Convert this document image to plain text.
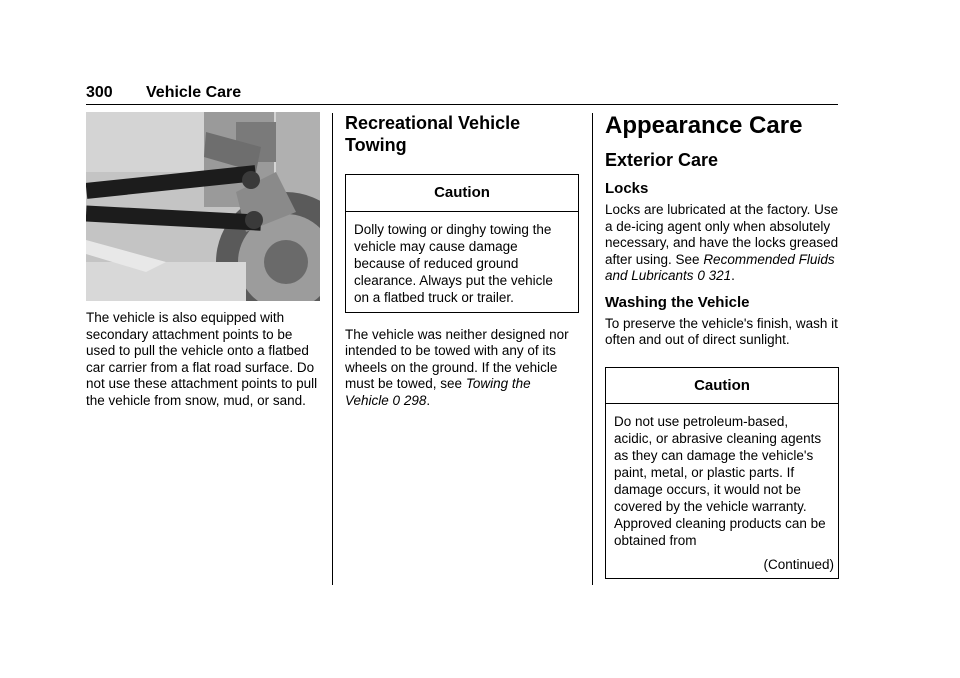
300 Vehicle Care

The vehicle is also equipped with secondary attachment points to be used to pull the vehicle onto a flatbed car carrier from a flat road surface. Do not use these attachment points to pull the vehicle from snow, mud, or sand.

Recreational Vehicle Towing
Caution
Dolly towing or dinghy towing the vehicle may cause damage because of reduced ground clearance. Always put the vehicle on a flatbed truck or trailer.

The vehicle was neither designed nor intended to be towed with any of its wheels on the ground. If the vehicle must be towed, see Towing the Vehicle 0 298.

Appearance Care
Exterior Care
Locks

Locks are lubricated at the factory. Use a de-icing agent only when absolutely necessary, and have the locks greased after using. See Recommended Fluids and Lubricants 0 321.

Washing the Vehicle

To preserve the vehicle's finish, wash it often and out of direct sunlight.

Caution
Do not use petroleum-based, acidic, or abrasive cleaning agents as they can damage the vehicle's paint, metal, or plastic parts. If damage occurs, it would not be covered by the vehicle warranty. Approved cleaning products can be obtained from
(Continued)
